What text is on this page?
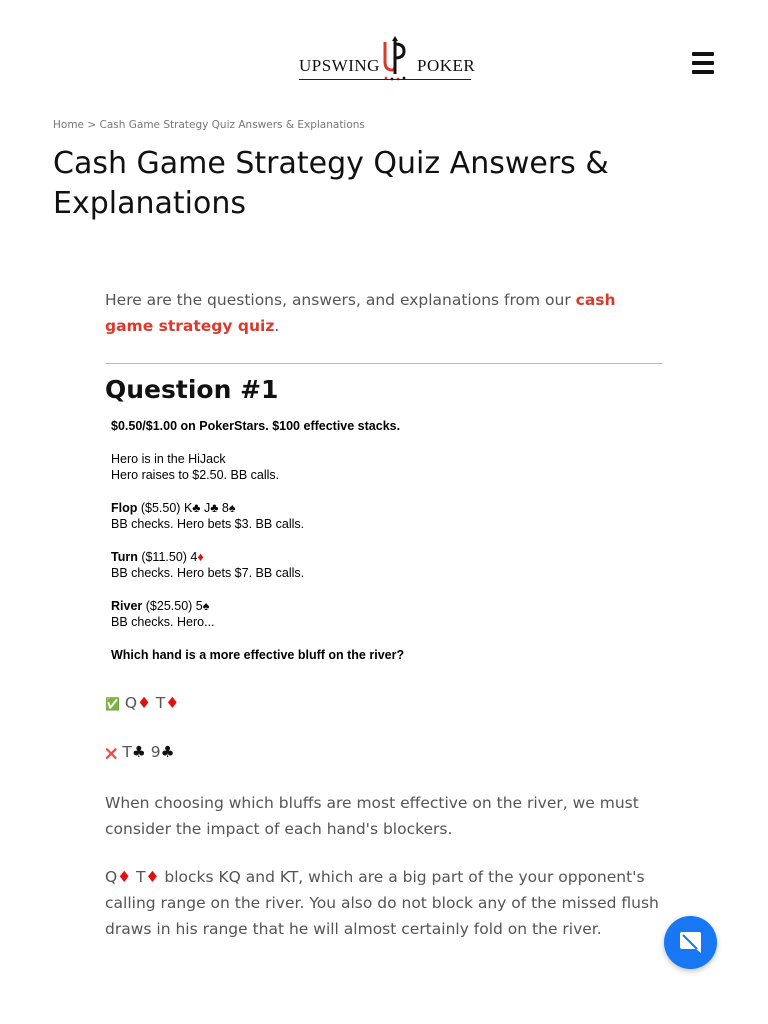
UPSWING POKER
Home > Cash Game Strategy Quiz Answers & Explanations
Cash Game Strategy Quiz Answers & Explanations

Here are the questions, answers, and explanations from our cash game strategy quiz.

Question #1

$0.50/$1.00 on PokerStars. $100 effective stacks.

Hero is in the HiJack

Hero raises to $2.50. BB calls.

Flop ($5.50) K♣ J♣ 8♠

BB checks. Hero bets $3. BB calls.

Turn ($11.50) 4♦

BB checks. Hero bets $7. BB calls.

River ($25.50) 5♠

BB checks. Hero...

Which hand is a more effective bluff on the river?

✅ Q♦ T♦

❌ T♣ 9♣

When choosing which bluffs are most effective on the river, we must consider the impact of each hand's blockers.

Q♦ T♦ blocks KQ and KT, which are a big part of the your opponent's calling range on the river. You also do not block any of the missed flush draws in his range that he will almost certainly fold on the river.
